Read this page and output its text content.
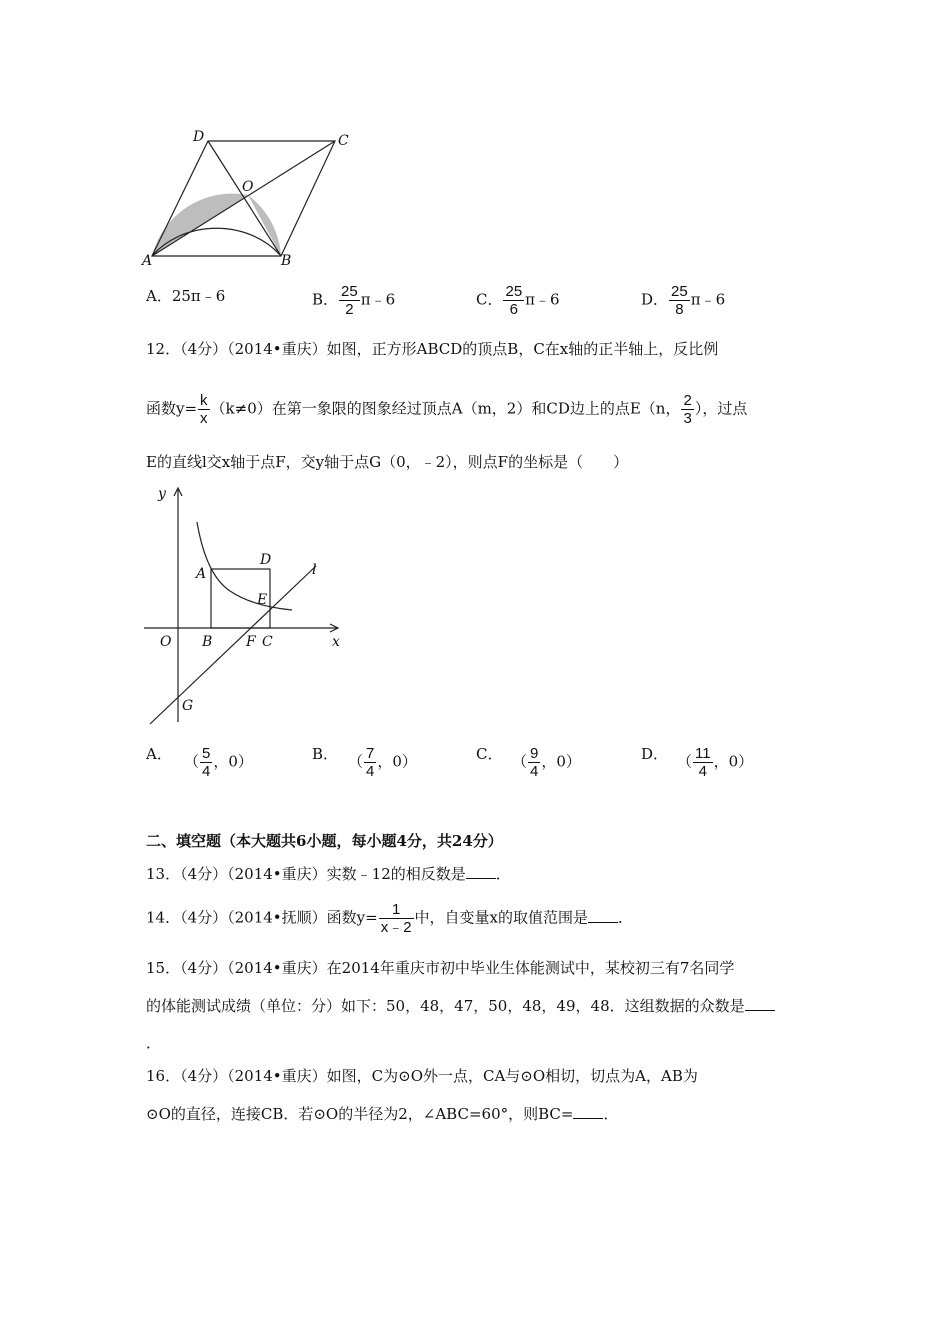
D	C
O
A	B
A．25π﹣6	B． $\frac{25}{2}$ π﹣6	C． $\frac{25}{6}$ π﹣6	D． $\frac{25}{8}$ π﹣6
12．（4分）（2014•重庆）如图，正方形ABCD的顶点B，C在x轴的正半轴上，反比例
函数$y= \frac{k}{x} (k\ne 0)$在第一象限的图象经过顶点A（m，2）和CD边上的点E（n， $\frac{2}{3}$ ），过点
E的直线l交x轴于点F，交y轴于点G（0，﹣2），则点F的坐标是（　　）
y
x
O
A
D
E
B F C
G
l
A． （ $\frac{5}{4}$ ，0）	B． （ $\frac{7}{4}$ ，0）	C． （ $\frac{9}{4}$ ，0）	D． （ $\frac{11}{4}$ ，0）
二、填空题（本大题共6小题，每小题4分，共24分）
13．（4分）（2014•重庆）实数﹣12的相反数是 ．
14．（4分）（2014•抚顺）函数$y= \frac{1}{x﹣2}$ 中，自变量x的取值范围是 ．
15．（4分）（2014•重庆）在2014年重庆市初中毕业生体能测试中，某校初三有7名同学
的体能测试成绩（单位：分）如下：50，48，47，50，48，49，48．这组数据的众数是
．
16．（4分）（2014•重庆）如图，C为⊙O外一点，CA与⊙O相切，切点为A，AB为
⊙O的直径，连接CB．若⊙O的半径为2，∠ABC=60°，则BC= ．
